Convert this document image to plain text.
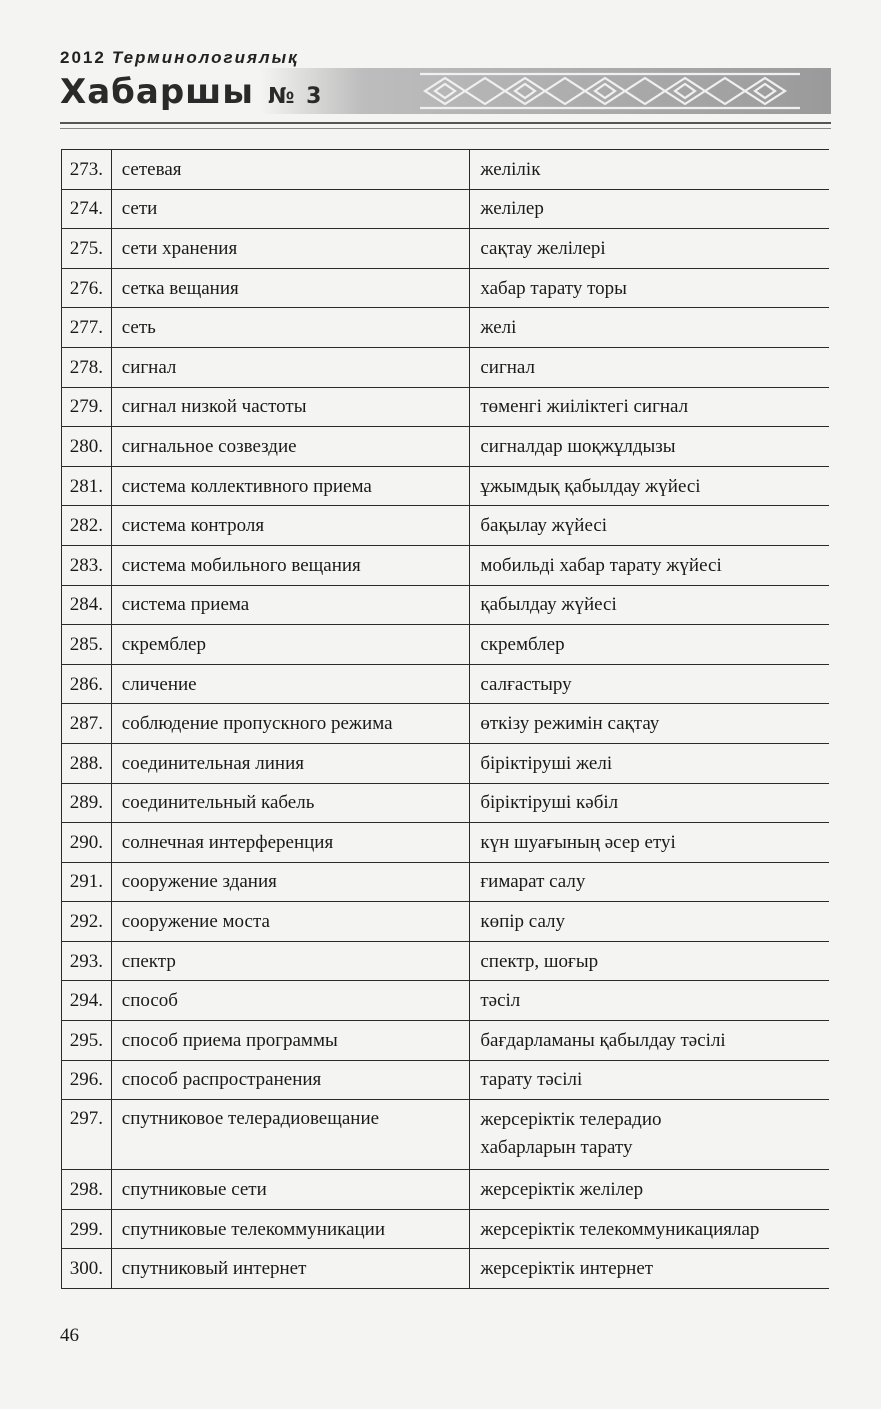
2012 Терминологиялық
Хабаршы № 3
273.	сетевая	желілік
274.	сети	желілер
275.	сети хранения	сақтау желілері
276.	сетка вещания	хабар тарату торы
277.	сеть	желі
278.	сигнал	сигнал
279.	сигнал низкой частоты	төменгі жиіліктегі сигнал
280.	сигнальное созвездие	сигналдар шоқжұлдызы
281.	система коллективного приема	ұжымдық қабылдау жүйесі
282.	система контроля	бақылау жүйесі
283.	система мобильного вещания	мобильді хабар тарату жүйесі
284.	система приема	қабылдау жүйесі
285.	скремблер	скремблер
286.	сличение	салғастыру
287.	соблюдение пропускного режима	өткізу режимін сақтау
288.	соединительная линия	біріктіруші желі
289.	соединительный кабель	біріктіруші кәбіл
290.	солнечная интерференция	күн шуағының әсер етуі
291.	сооружение здания	ғимарат салу
292.	сооружение моста	көпір салу
293.	спектр	спектр, шоғыр
294.	способ	тәсіл
295.	способ приема программы	бағдарламаны қабылдау тәсілі
296.	способ распространения	тарату тәсілі
297.	спутниковое телерадиовещание	жерсеріктік телерадио
хабарларын тарату

298.	спутниковые сети	жерсеріктік желілер
299.	спутниковые телекоммуникации	жерсеріктік телекоммуникациялар
300.	спутниковый интернет	жерсеріктік интернет
46
